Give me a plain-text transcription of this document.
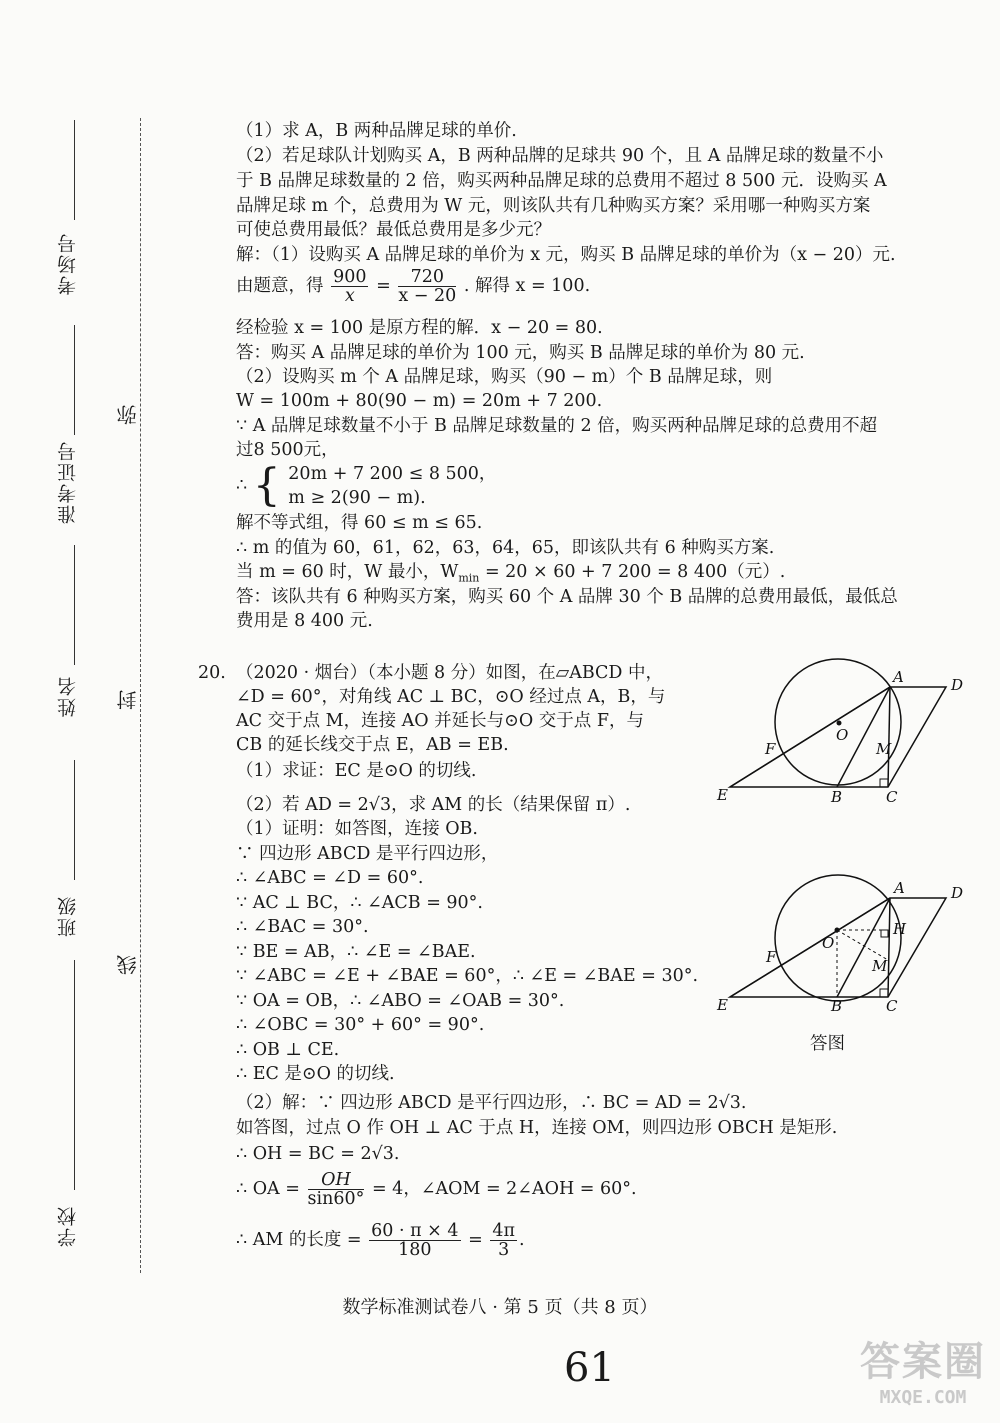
考场号
准考证号
姓名
班级
学校
弥
封
线
（1）求 A，B 两种品牌足球的单价.
（2）若足球队计划购买 A，B 两种品牌的足球共 90 个，且 A 品牌足球的数量不小
于 B 品牌足球数量的 2 倍，购买两种品牌足球的总费用不超过 8 500 元．设购买 A
品牌足球 m 个，总费用为 W 元，则该队共有几种购买方案？采用哪一种购买方案
可使总费用最低？最低总费用是多少元？
解：（1）设购买 A 品牌足球的单价为 x 元，购买 B 品牌足球的单价为（x − 20）元.
由题意，得 $\frac{900}{x} = \frac{720}{x - 20}$ . 解得 x = 100.
经检验 x = 100 是原方程的解．x − 20 = 80.
答：购买 A 品牌足球的单价为 100 元，购买 B 品牌足球的单价为 80 元.
（2）设购买 m 个 A 品牌足球，购买（90 − m）个 B 品牌足球，则
W = 100m + 80(90 − m) = 20m + 7 200.
∵ A 品牌足球数量不小于 B 品牌足球数量的 2 倍，购买两种品牌足球的总费用不超
过8 500元，
∴ { 20m + 7 200 ≤ 8 500，
m ≥ 2(90 − m).
解不等式组，得 60 ≤ m ≤ 65.
∴ m 的值为 60，61，62，63，64，65，即该队共有 6 种购买方案.
当 m = 60 时，W 最小，$W_{min} = 20 \times 60 + 7$ 200 = 8 400（元）.
答：该队共有 6 种购买方案，购买 60 个 A 品牌 30 个 B 品牌的总费用最低，最低总
费用是 8 400 元.
20. （2020 · 烟台）（本小题 8 分）如图，在▱ABCD 中，
∠D = 60°，对角线 AC ⊥ BC，⊙O 经过点 A，B，与
AC 交于点 M，连接 AO 并延长与⊙O 交于点 F，与
CB 的延长线交于点 E，AB = EB.
（1）求证：EC 是⊙O 的切线.
（2）若 AD = 2√3，求 AM 的长（结果保留 π）.
（1）证明：如答图，连接 OB.
∵ 四边形 ABCD 是平行四边形，
∴ ∠ABC = ∠D = 60°.
∵ AC ⊥ BC，∴ ∠ACB = 90°.
∴ ∠BAC = 30°.
∵ BE = AB，∴ ∠E = ∠BAE.
∵ ∠ABC = ∠E + ∠BAE = 60°，∴ ∠E = ∠BAE = 30°.
∵ OA = OB，∴ ∠ABO = ∠OAB = 30°.
∴ ∠OBC = 30° + 60° = 90°.
∴ OB ⊥ CE.
∴ EC 是⊙O 的切线.
（2）解：∵ 四边形 ABCD 是平行四边形，∴ BC = AD = 2√3.
如答图，过点 O 作 OH ⊥ AC 于点 H，连接 OM，则四边形 OBCH 是矩形.
∴ OH = BC = 2√3.
∴ OA = $\frac{OH}{\sin 60^\circ} = 4$，∠AOM = 2∠AOH = 60°.
∴ AM 的长度 = $\frac{60 \cdot \pi \times 4}{180} = \frac{4\pi}{3}$ .
A	D
O
M
F
E	B	C
A	D
O
H
M
F
E	B	C
答图
数学标准测试卷八 · 第 5 页（共 8 页）
61	答案圈
MXQE.COM
